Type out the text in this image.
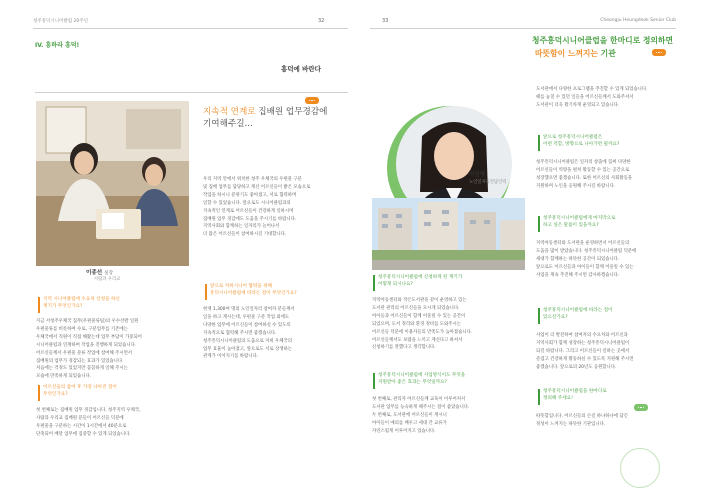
청주흥덕시니어클럽 20주년	32	33	Cheongju Heungdeok Senior Club
IV. 흥하라 흥덕!
흥덕에 바란다
이종선 실장
사람과 우리교
지속적 연계로 집배원 업무경감에
기여해주길...
지역 시니어클럽에 수요처 신청을 하신
계기가 무엇인가요?
지금 서청주우체국 집무(우편물류팀)의 우수선발 일원
우편물류를 비롯하여 수로, 구분업무를 기존에는
우체국에서 직원이 직접 해왔는데 업무 부담이 가중되어
시니어클럽과 연계하여 작업을 진행하게 되었습니다.
어르신들께서 우편물 분류 작업에 참여해 주시면서
집배원의 업무가 경감되는 효과가 있었습니다.
처음에는 걱정도 있었지만 꼼꼼하게 일해 주시는
모습에 만족하게 되었습니다.
어르신들의 참여 후 가장 나아진 점이
무엇인가요?
첫 번째로는 집배원 업무 경감입니다. 청주지역 우체국,
사람과 우리교 집배원 분들이 어르신들 덕분에
우편물을 구분하는 시간이 1시간에서 40분으로
단축되어 배달 업무에 집중할 수 있게 되었습니다.
우리 지역 안에서 위치한 청주 우체국의 우편물 구분
및 집배 업무를 담당하고 계신 어르신들이 밝은 모습으로
작업을 하시니 분위기도 좋아졌고, 서로 협력하며
일할 수 있었습니다. 앞으로도 시니어클럽과의
지속적인 연계로 어르신들이 건강하게 일하시며
집배원 업무 경감에도 도움을 주시기를 바랍니다.
지역사회와 함께하는 일자리가 늘어나서
더 많은 어르신들이 참여하시길 기대합니다.
앞으로 저희시니어 협력을 위해
흥덕시니어클럽에 바라는 점이 무엇인가요?
현재 1,300여 명의 노인일자리 참여자 분들께서
일을 하고 계시는데, 우편물 구분 작업 외에도
다양한 업무에 어르신들이 참여하실 수 있도록
지속적으로 협력해 주시면 좋겠습니다.
청주흥덕시니어클럽의 도움으로 저희 우체국의
업무 효율이 높아졌고, 앞으로도 서로 상생하는
관계가 이어지기를 바랍니다.
서진영
노인일자리전담인력
청주흥덕시니어클럽에 신청하게 된 계기가
어떻게 되시나요?
지역아동센터와 작은도서관을 같이 운영하고 있는
도서관 관리의 어르신들을 모시게 되었습니다.
아이들과 어르신들이 함께 어울릴 수 있는 공간이
되었으며, 도서 정리와 환경 정비를 도와주시는
어르신들 덕분에 이용자들의 만족도가 높아졌습니다.
어르신들께서도 보람을 느끼고 계신다고 하셔서
신청하기를 잘했다고 생각합니다.
청주흥덕시니어클럽에 사업방식이도 무엇을
지원받아 좋은 효과는 무엇일까요?
첫 번째로, 관리자 어르신들께 교육이 이루어져서
도서관 업무를 능숙하게 해주시는 점이 좋았습니다.
두 번째로, 도서관에 어르신들이 계시니
아이들이 예의를 배우고 세대 간 교류가
자연스럽게 이루어지고 있습니다.
청주흥덕시니어클럽을 한마디로 정의하면
따뜻함이 느껴지는 기관
도서관에서 다양한 프로그램을 추진할 수 있게 되었습니다.
때를 놓칠 수 있던 일들을 어르신들께서 도와주셔서
도서관이 더욱 활기차게 운영되고 있습니다.
앞으로 청주흥덕시니어클럽은
어떤 역할, 방향으로 나아가면 될까요?
청주흥덕시니어클럽은 일자리 창출에 힘써 다양한
어르신들이 역량을 펼쳐 활동할 수 있는 공간으로
성장했으면 좋겠습니다. 또한 어르신의 사회활동을
지원하며 노인을 응원해 주시길 바랍니다.
청주흥덕시니어클럽에게 마지막으로
하고 싶은 말씀이 있을까요?
지역아동센터와 도서관을 운영하면서 어르신들의
도움을 많이 받았습니다. 청주흥덕시니어클럽 덕분에
세대가 함께하는 따뜻한 공간이 되었습니다.
앞으로도 어르신들과 아이들이 함께 어울릴 수 있는
사업을 계속 추진해 주시면 감사하겠습니다.
청주흥덕시니어클럽에 바라는 점이
있으신가요?
사업이 더 발전하여 참여자의 수요처와 어르신과
지역사회가 함께 성장하는 청주흥덕시니어클럽이
되길 바랍니다. 그리고 어르신들이 일하는 곳에서
즐겁고 건강하게 활동하실 수 있도록 지원해 주시면
좋겠습니다. 앞으로의 20년도 응원합니다.
청주흥덕시니어클럽을 한마디로
정의해 주세요!
따뜻함입니다. 어르신들의 손길 하나하나에 담긴
정성이 느껴지는 따뜻한 기관입니다.
